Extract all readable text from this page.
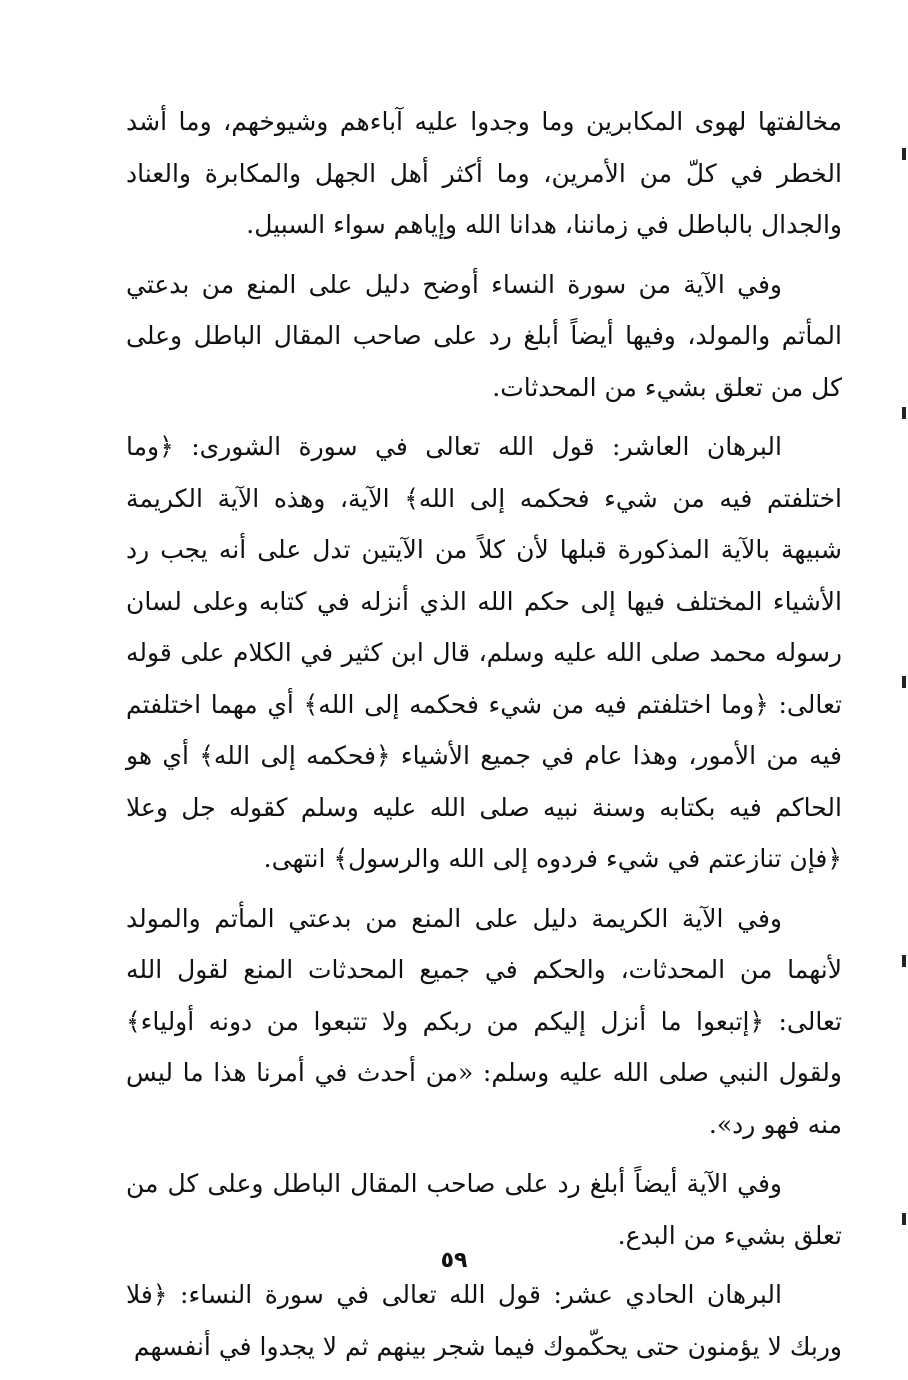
مخالفتها لهوى المكابرين وما وجدوا عليه آباءهم وشيوخهم، وما أشد الخطر في كلّ من الأمرين، وما أكثر أهل الجهل والمكابرة والعناد والجدال بالباطل في زماننا، هدانا الله وإياهم سواء السبيل.

وفي الآية من سورة النساء أوضح دليل على المنع من بدعتي المأتم والمولد، وفيها أيضاً أبلغ رد على صاحب المقال الباطل وعلى كل من تعلق بشيء من المحدثات.

البرهان العاشر: قول الله تعالى في سورة الشورى: ﴿وما اختلفتم فيه من شيء فحكمه إلى الله﴾ الآية، وهذه الآية الكريمة شبيهة بالآية المذكورة قبلها لأن كلاً من الآيتين تدل على أنه يجب رد الأشياء المختلف فيها إلى حكم الله الذي أنزله في كتابه وعلى لسان رسوله محمد صلى الله عليه وسلم، قال ابن كثير في الكلام على قوله تعالى: ﴿وما اختلفتم فيه من شيء فحكمه إلى الله﴾ أي مهما اختلفتم فيه من الأمور، وهذا عام في جميع الأشياء ﴿فحكمه إلى الله﴾ أي هو الحاكم فيه بكتابه وسنة نبيه صلى الله عليه وسلم كقوله جل وعلا ﴿فإن تنازعتم في شيء فردوه إلى الله والرسول﴾ انتهى.

وفي الآية الكريمة دليل على المنع من بدعتي المأتم والمولد لأنهما من المحدثات، والحكم في جميع المحدثات المنع لقول الله تعالى: ﴿إتبعوا ما أنزل إليكم من ربكم ولا تتبعوا من دونه أولياء﴾ ولقول النبي صلى الله عليه وسلم: «من أحدث في أمرنا هذا ما ليس منه فهو رد».

وفي الآية أيضاً أبلغ رد على صاحب المقال الباطل وعلى كل من تعلق بشيء من البدع.

البرهان الحادي عشر: قول الله تعالى في سورة النساء: ﴿فلا وربك لا يؤمنون حتى يحكّموك فيما شجر بينهم ثم لا يجدوا في أنفسهم

٥٩
